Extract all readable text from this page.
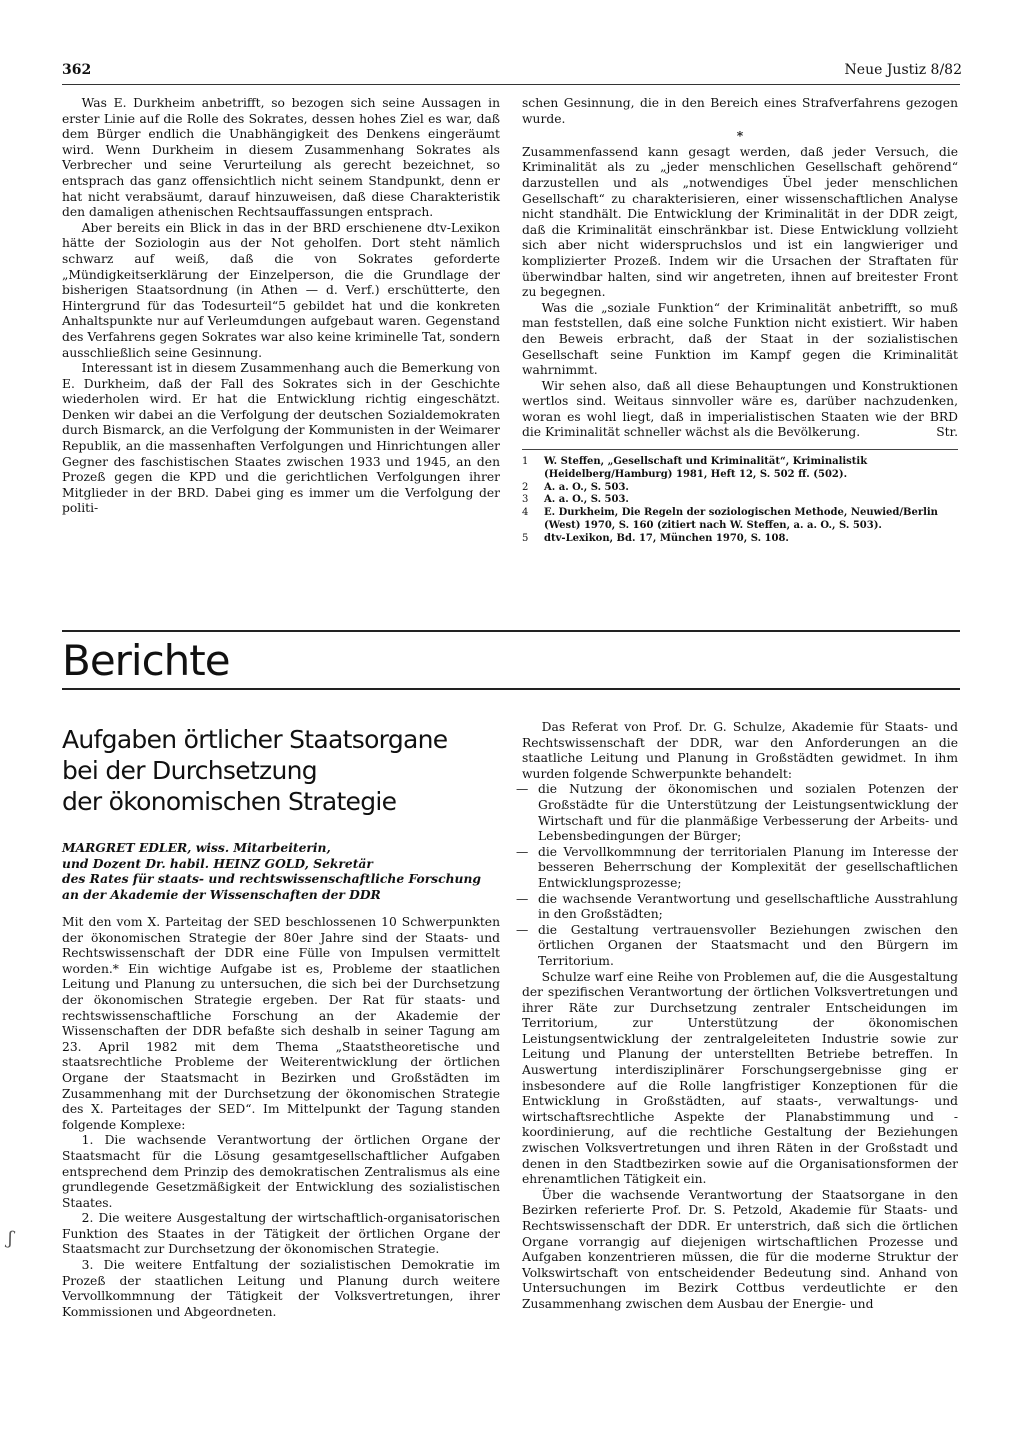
362	Neue Justiz 8/82

Was E. Durkheim anbetrifft, so bezogen sich seine Aussagen in erster Linie auf die Rolle des Sokrates, dessen hohes Ziel es war, daß dem Bürger endlich die Unabhängigkeit des Denkens eingeräumt wird. Wenn Durkheim in diesem Zusammenhang Sokrates als Verbrecher und seine Verurteilung als gerecht bezeichnet, so entsprach das ganz offensichtlich nicht seinem Standpunkt, denn er hat nicht verabsäumt, darauf hinzuweisen, daß diese Charakteristik den damaligen athenischen Rechtsauffassungen entsprach.

Aber bereits ein Blick in das in der BRD erschienene dtv-Lexikon hätte der Soziologin aus der Not geholfen. Dort steht nämlich schwarz auf weiß, daß die von Sokrates geforderte „Mündigkeitserklärung der Einzelperson, die die Grundlage der bisherigen Staatsordnung (in Athen — d. Verf.) erschütterte, den Hintergrund für das Todesurteil“5 gebildet hat und die konkreten Anhaltspunkte nur auf Verleumdungen aufgebaut waren. Gegenstand des Verfahrens gegen Sokrates war also keine kriminelle Tat, sondern ausschließlich seine Gesinnung.

Interessant ist in diesem Zusammenhang auch die Bemerkung von E. Durkheim, daß der Fall des Sokrates sich in der Geschichte wiederholen wird. Er hat die Entwicklung richtig eingeschätzt. Denken wir dabei an die Verfolgung der deutschen Sozialdemokraten durch Bismarck, an die Verfolgung der Kommunisten in der Weimarer Republik, an die massenhaften Verfolgungen und Hinrichtungen aller Gegner des faschistischen Staates zwischen 1933 und 1945, an den Prozeß gegen die KPD und die gerichtlichen Verfolgungen ihrer Mitglieder in der BRD. Dabei ging es immer um die Verfolgung der politi-

schen Gesinnung, die in den Bereich eines Strafverfahrens gezogen wurde.

*

Zusammenfassend kann gesagt werden, daß jeder Versuch, die Kriminalität als zu „jeder menschlichen Gesellschaft gehörend“ darzustellen und als „notwendiges Übel jeder menschlichen Gesellschaft“ zu charakterisieren, einer wissenschaftlichen Analyse nicht standhält. Die Entwicklung der Kriminalität in der DDR zeigt, daß die Kriminalität einschränkbar ist. Diese Entwicklung vollzieht sich aber nicht widerspruchslos und ist ein langwieriger und komplizierter Prozeß. Indem wir die Ursachen der Straftaten für überwindbar halten, sind wir angetreten, ihnen auf breitester Front zu begegnen.

Was die „soziale Funktion“ der Kriminalität anbetrifft, so muß man feststellen, daß eine solche Funktion nicht existiert. Wir haben den Beweis erbracht, daß der Staat in der sozialistischen Gesellschaft seine Funktion im Kampf gegen die Kriminalität wahrnimmt.

Wir sehen also, daß all diese Behauptungen und Konstruktionen wertlos sind. Weitaus sinnvoller wäre es, darüber nachzudenken, woran es wohl liegt, daß in imperialistischen Staaten wie der BRD die Kriminalität schneller wächst als die Bevölkerung.	Str.

1	W. Steffen, „Gesellschaft und Kriminalität“, Kriminalistik (Heidelberg/Hamburg) 1981, Heft 12, S. 502 ff. (502).
2	A. a. O., S. 503.
3	A. a. O., S. 503.
4	E. Durkheim, Die Regeln der soziologischen Methode, Neuwied/Berlin (West) 1970, S. 160 (zitiert nach W. Steffen, a. a. O., S. 503).
5	dtv-Lexikon, Bd. 17, München 1970, S. 108.
Berichte
Aufgaben örtlicher Staatsorgane
bei der Durchsetzung
der ökonomischen Strategie
MARGRET EDLER, wiss. Mitarbeiterin,
und Dozent Dr. habil. HEINZ GOLD, Sekretär
des Rates für staats- und rechtswissenschaftliche Forschung
an der Akademie der Wissenschaften der DDR

Mit den vom X. Parteitag der SED beschlossenen 10 Schwerpunkten der ökonomischen Strategie der 80er Jahre sind der Staats- und Rechtswissenschaft der DDR eine Fülle von Impulsen vermittelt worden.* Ein wichtige Aufgabe ist es, Probleme der staatlichen Leitung und Planung zu untersuchen, die sich bei der Durchsetzung der ökonomischen Strategie ergeben. Der Rat für staats- und rechtswissenschaftliche Forschung an der Akademie der Wissenschaften der DDR befaßte sich deshalb in seiner Tagung am 23. April 1982 mit dem Thema „Staatstheoretische und staatsrechtliche Probleme der Weiterentwicklung der örtlichen Organe der Staatsmacht in Bezirken und Großstädten im Zusammenhang mit der Durchsetzung der ökonomischen Strategie des X. Parteitages der SED“. Im Mittelpunkt der Tagung standen folgende Komplexe:

1. Die wachsende Verantwortung der örtlichen Organe der Staatsmacht für die Lösung gesamtgesellschaftlicher Aufgaben entsprechend dem Prinzip des demokratischen Zentralismus als eine grundlegende Gesetzmäßigkeit der Entwicklung des sozialistischen Staates.

2. Die weitere Ausgestaltung der wirtschaftlich-organisatorischen Funktion des Staates in der Tätigkeit der örtlichen Organe der Staatsmacht zur Durchsetzung der ökonomischen Strategie.

3. Die weitere Entfaltung der sozialistischen Demokratie im Prozeß der staatlichen Leitung und Planung durch weitere Vervollkommnung der Tätigkeit der Volksvertretungen, ihrer Kommissionen und Abgeordneten.

Das Referat von Prof. Dr. G. Schulze, Akademie für Staats- und Rechtswissenschaft der DDR, war den Anforderungen an die staatliche Leitung und Planung in Großstädten gewidmet. In ihm wurden folgende Schwerpunkte behandelt:

— die Nutzung der ökonomischen und sozialen Potenzen der Großstädte für die Unterstützung der Leistungsentwicklung der Wirtschaft und für die planmäßige Verbesserung der Arbeits- und Lebensbedingungen der Bürger;
— die Vervollkommnung der territorialen Planung im Interesse der besseren Beherrschung der Komplexität der gesellschaftlichen Entwicklungsprozesse;
— die wachsende Verantwortung und gesellschaftliche Ausstrahlung in den Großstädten;
— die Gestaltung vertrauensvoller Beziehungen zwischen den örtlichen Organen der Staatsmacht und den Bürgern im Territorium.

Schulze warf eine Reihe von Problemen auf, die die Ausgestaltung der spezifischen Verantwortung der örtlichen Volksvertretungen und ihrer Räte zur Durchsetzung zentraler Entscheidungen im Territorium, zur Unterstützung der ökonomischen Leistungsentwicklung der zentralgeleiteten Industrie sowie zur Leitung und Planung der unterstellten Betriebe betreffen. In Auswertung interdisziplinärer Forschungsergebnisse ging er insbesondere auf die Rolle langfristiger Konzeptionen für die Entwicklung in Großstädten, auf staats-, verwaltungs- und wirtschaftsrechtliche Aspekte der Planabstimmung und -koordinierung, auf die rechtliche Gestaltung der Beziehungen zwischen Volksvertretungen und ihren Räten in der Großstadt und denen in den Stadtbezirken sowie auf die Organisationsformen der ehrenamtlichen Tätigkeit ein.

Über die wachsende Verantwortung der Staatsorgane in den Bezirken referierte Prof. Dr. S. Petzold, Akademie für Staats- und Rechtswissenschaft der DDR. Er unterstrich, daß sich die örtlichen Organe vorrangig auf diejenigen wirtschaftlichen Prozesse und Aufgaben konzentrieren müssen, die für die moderne Struktur der Volkswirtschaft von entscheidender Bedeutung sind. Anhand von Untersuchungen im Bezirk Cottbus verdeutlichte er den Zusammenhang zwischen dem Ausbau der Energie- und

ʃ
